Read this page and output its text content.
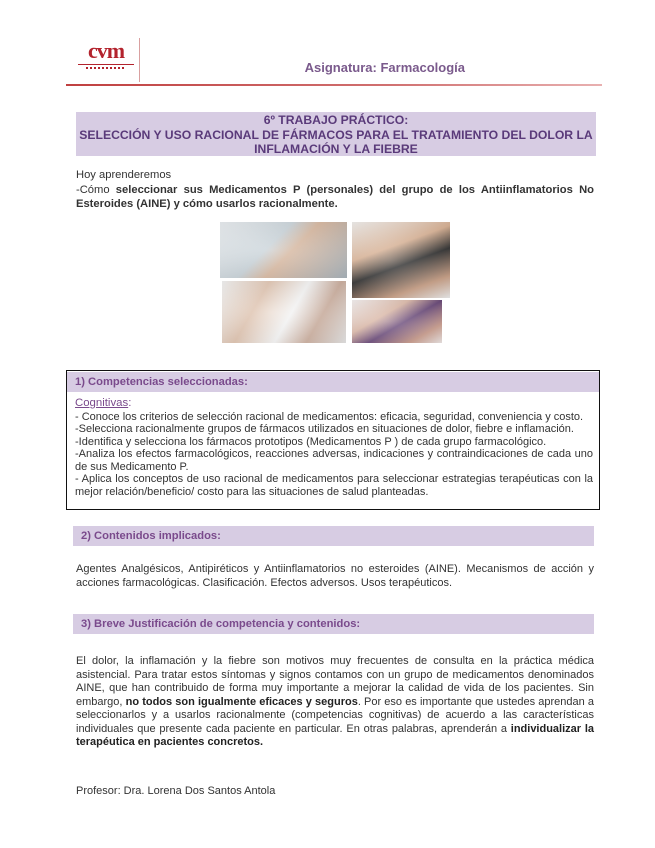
cvm
Asignatura: Farmacología
6º TRABAJO PRÁCTICO:
SELECCIÓN Y USO RACIONAL DE FÁRMACOS PARA EL TRATAMIENTO DEL DOLOR LA
INFLAMACIÓN Y LA FIEBRE
Hoy aprenderemos
-Cómo seleccionar sus Medicamentos P (personales) del grupo de los Antiinflamatorios No Esteroides (AINE) y cómo usarlos racionalmente.
1) Competencias seleccionadas:
Cognitivas:
- Conoce los criterios de selección racional de medicamentos: eficacia, seguridad, conveniencia y costo.
-Selecciona racionalmente grupos de fármacos utilizados en situaciones de dolor, fiebre e inflamación.
-Identifica y selecciona los fármacos prototipos (Medicamentos P ) de cada grupo farmacológico.
-Analiza los efectos farmacológicos, reacciones adversas, indicaciones y contraindicaciones de cada uno de sus Medicamento P.
- Aplica los conceptos de uso racional de medicamentos para seleccionar estrategias terapéuticas con la mejor relación/beneficio/ costo para las situaciones de salud planteadas.
2) Contenidos implicados:
Agentes Analgésicos, Antipiréticos y Antiinflamatorios no esteroides (AINE). Mecanismos de acción y acciones farmacológicas. Clasificación. Efectos adversos. Usos terapéuticos.
3) Breve Justificación de competencia y contenidos:
El dolor, la inflamación y la fiebre son motivos muy frecuentes de consulta en la práctica médica asistencial. Para tratar estos síntomas y signos contamos con un grupo de medicamentos denominados AINE, que han contribuido de forma muy importante a mejorar la calidad de vida de los pacientes. Sin embargo, no todos son igualmente eficaces y seguros. Por eso es importante que ustedes aprendan a seleccionarlos y a usarlos racionalmente (competencias cognitivas) de acuerdo a las características individuales que presente cada paciente en particular. En otras palabras, aprenderán a individualizar la terapéutica en pacientes concretos.
Profesor: Dra. Lorena Dos Santos Antola
